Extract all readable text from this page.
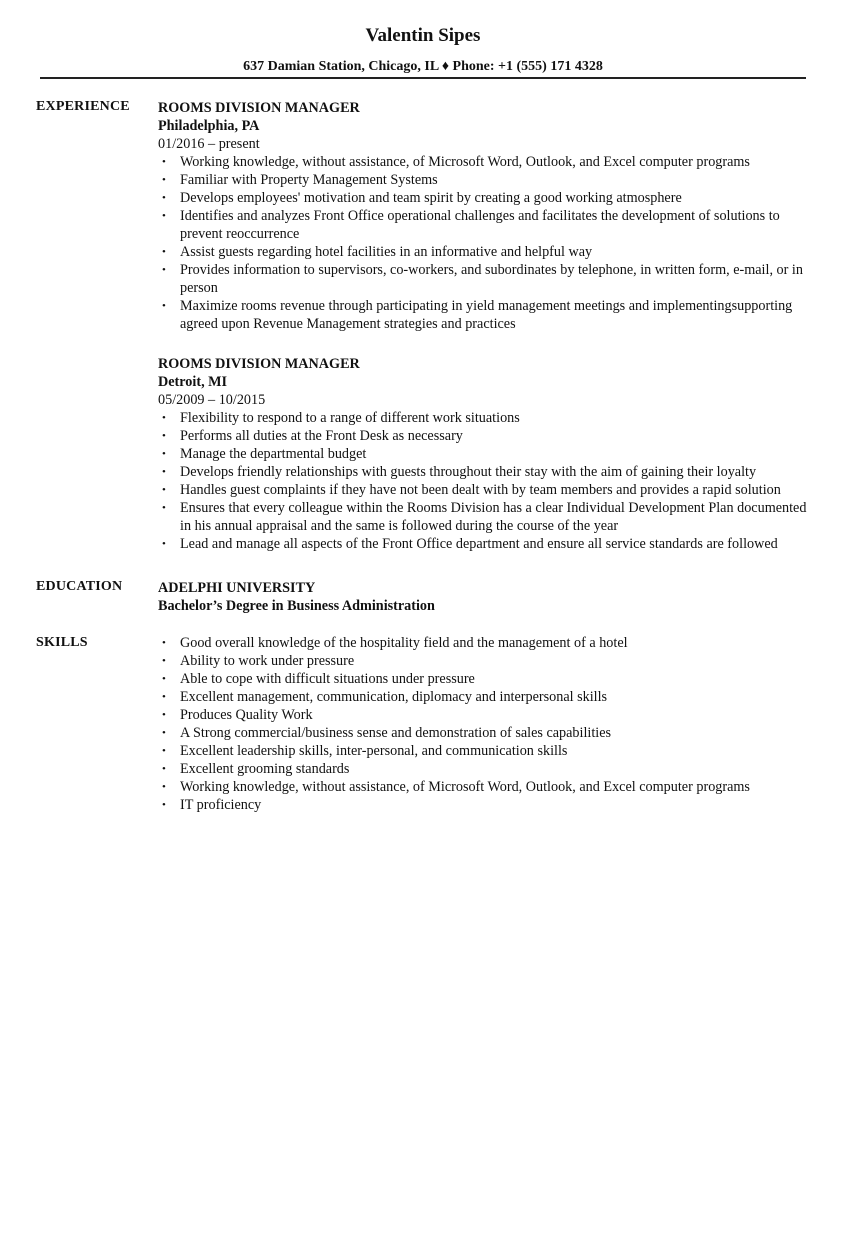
Valentin Sipes
637 Damian Station, Chicago, IL ♦ Phone: +1 (555) 171 4328
EXPERIENCE ROOMS DIVISION MANAGER
Philadelphia, PA
01/2016 – present
• Working knowledge, without assistance, of Microsoft Word, Outlook, and Excel computer programs
• Familiar with Property Management Systems
• Develops employees' motivation and team spirit by creating a good working atmosphere
• Identifies and analyzes Front Office operational challenges and facilitates the development of solutions to prevent reoccurrence
• Assist guests regarding hotel facilities in an informative and helpful way
• Provides information to supervisors, co-workers, and subordinates by telephone, in written form, e-mail, or in person
• Maximize rooms revenue through participating in yield management meetings and implementingsupporting agreed upon Revenue Management strategies and practices
ROOMS DIVISION MANAGER
Detroit, MI
05/2009 – 10/2015
• Flexibility to respond to a range of different work situations
• Performs all duties at the Front Desk as necessary
• Manage the departmental budget
• Develops friendly relationships with guests throughout their stay with the aim of gaining their loyalty
• Handles guest complaints if they have not been dealt with by team members and provides a rapid solution
• Ensures that every colleague within the Rooms Division has a clear Individual Development Plan documented in his annual appraisal and the same is followed during the course of the year
• Lead and manage all aspects of the Front Office department and ensure all service standards are followed
EDUCATION	ADELPHI UNIVERSITY
Bachelor’s Degree in Business Administration
SKILLS	• Good overall knowledge of the hospitality field and the management of a hotel
• Ability to work under pressure
• Able to cope with difficult situations under pressure
• Excellent management, communication, diplomacy and interpersonal skills
• Produces Quality Work
• A Strong commercial/business sense and demonstration of sales capabilities
• Excellent leadership skills, inter-personal, and communication skills
• Excellent grooming standards
• Working knowledge, without assistance, of Microsoft Word, Outlook, and Excel computer programs
• IT proficiency
